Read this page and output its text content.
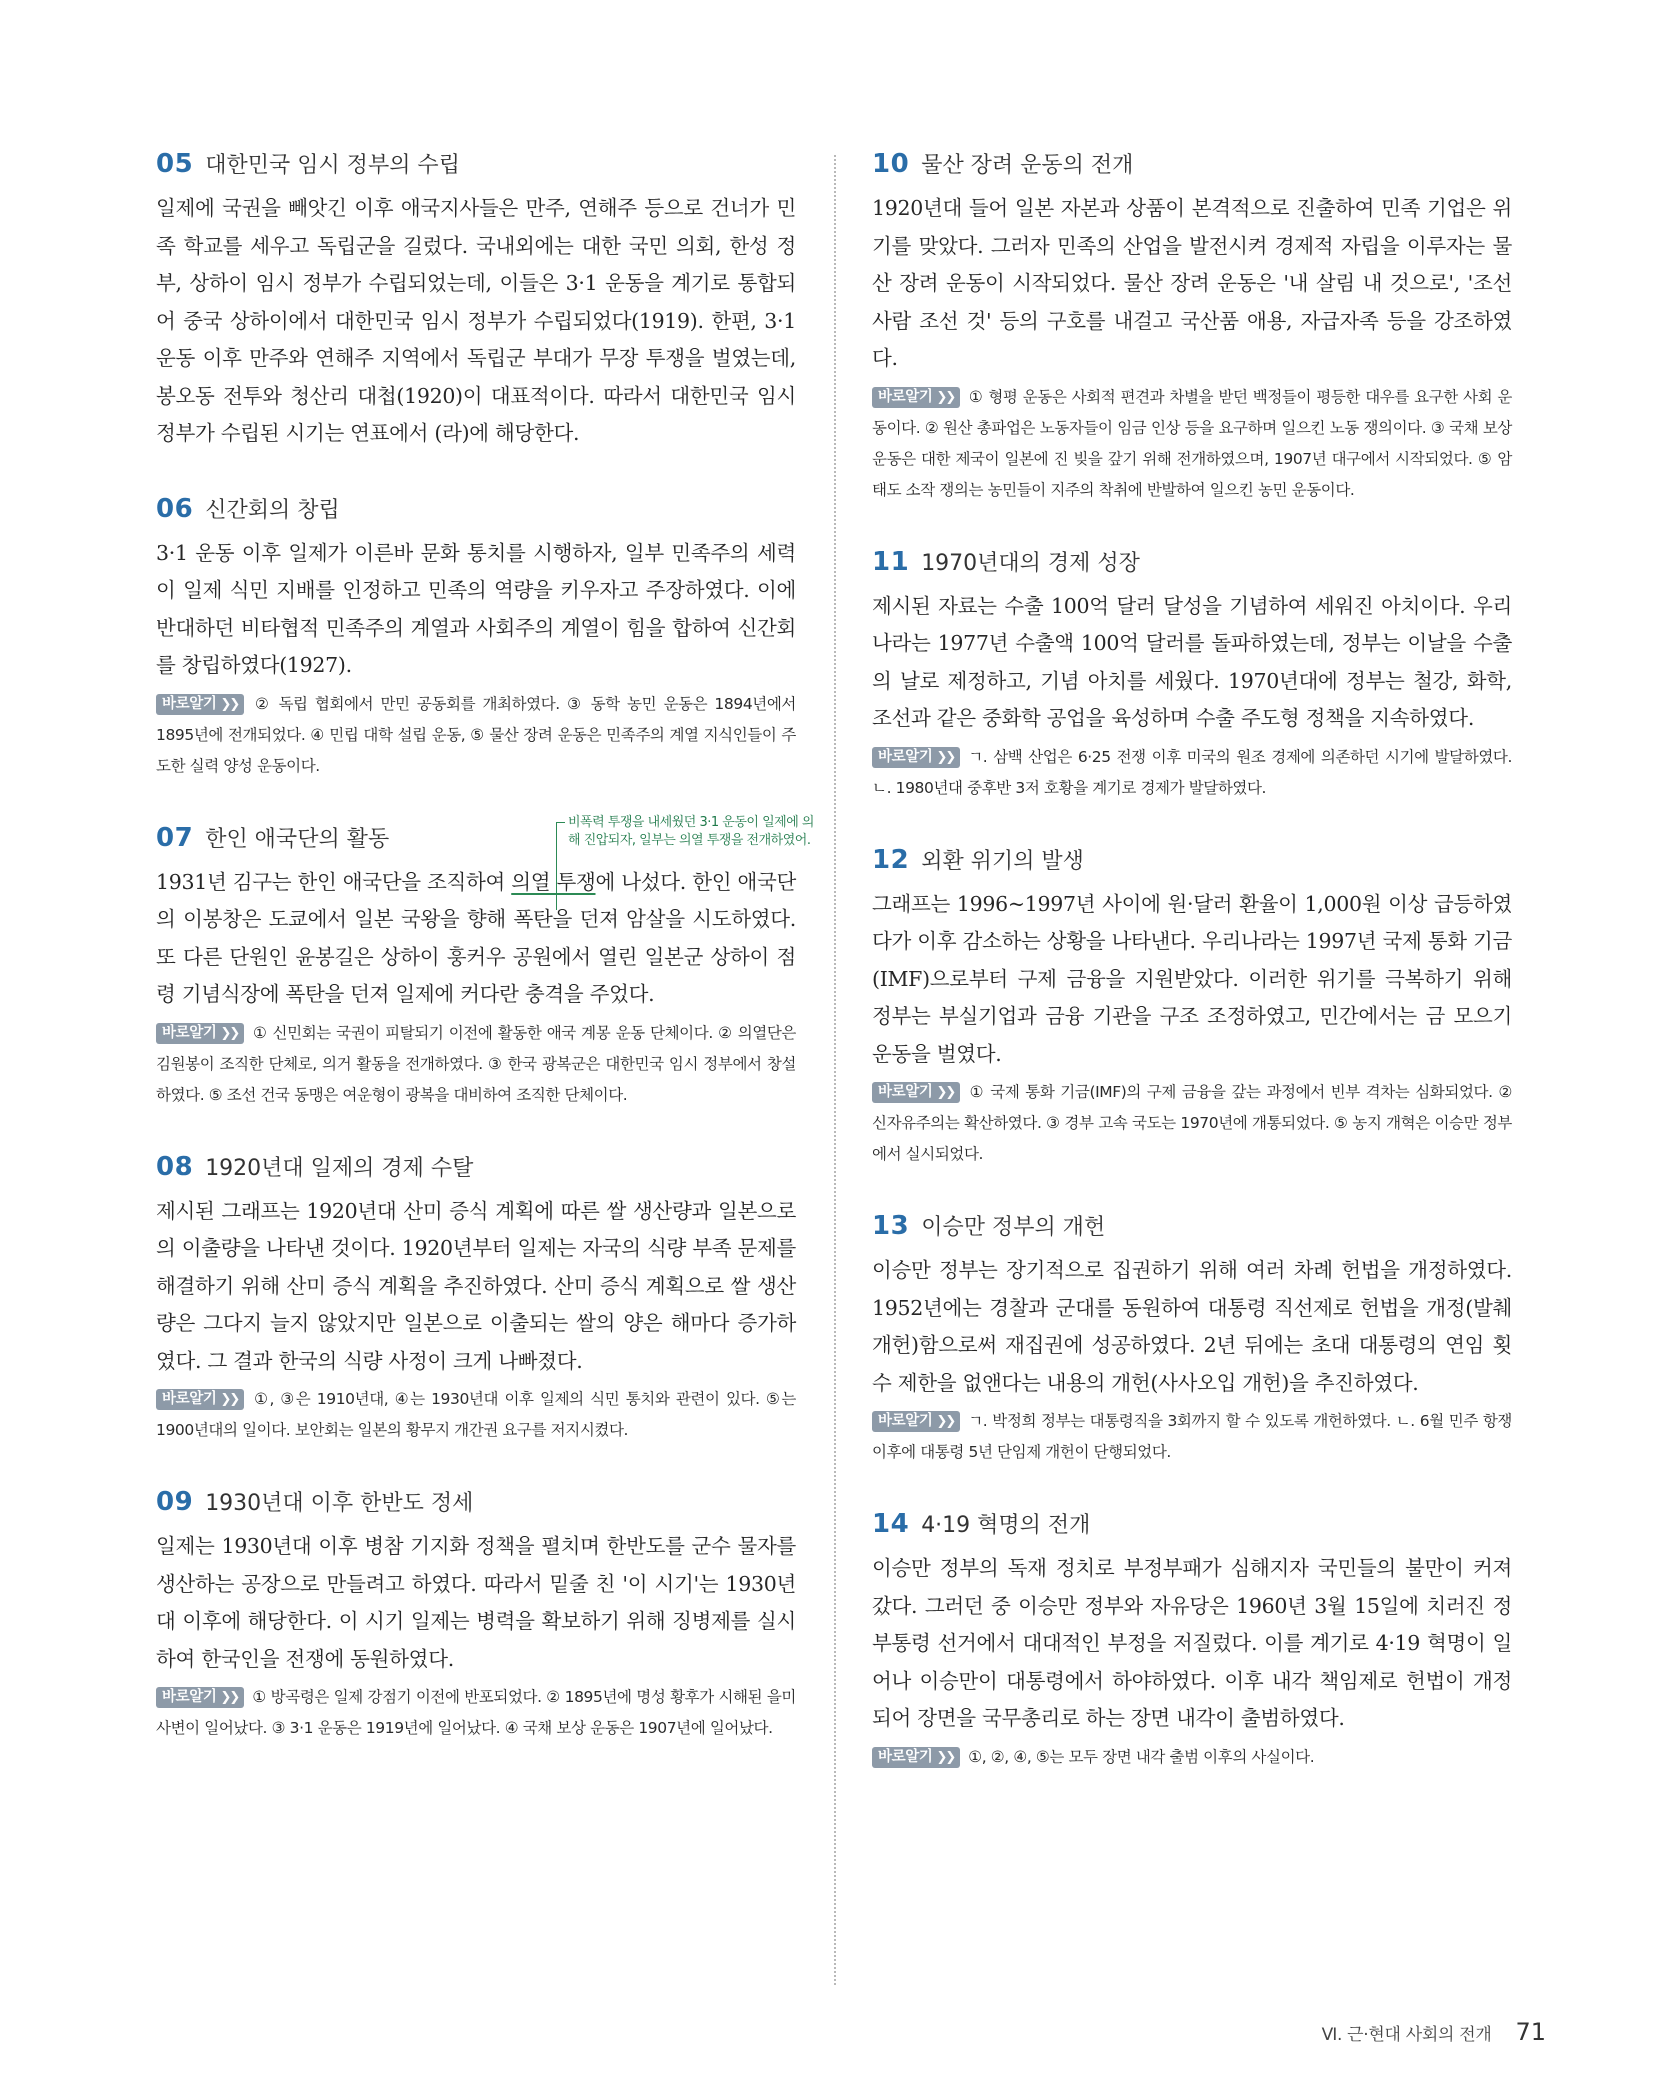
05 대한민국 임시 정부의 수립

일제에 국권을 빼앗긴 이후 애국지사들은 만주, 연해주 등으로 건너가 민족 학교를 세우고 독립군을 길렀다. 국내외에는 대한 국민 의회, 한성 정부, 상하이 임시 정부가 수립되었는데, 이들은 3·1 운동을 계기로 통합되어 중국 상하이에서 대한민국 임시 정부가 수립되었다(1919). 한편, 3·1 운동 이후 만주와 연해주 지역에서 독립군 부대가 무장 투쟁을 벌였는데, 봉오동 전투와 청산리 대첩(1920)이 대표적이다. 따라서 대한민국 임시 정부가 수립된 시기는 연표에서 (라)에 해당한다.

06 신간회의 창립

3·1 운동 이후 일제가 이른바 문화 통치를 시행하자, 일부 민족주의 세력이 일제 식민 지배를 인정하고 민족의 역량을 키우자고 주장하였다. 이에 반대하던 비타협적 민족주의 계열과 사회주의 계열이 힘을 합하여 신간회를 창립하였다(1927).

바로알기 ❯❯ ② 독립 협회에서 만민 공동회를 개최하였다. ③ 동학 농민 운동은 1894년에서 1895년에 전개되었다. ④ 민립 대학 설립 운동, ⑤ 물산 장려 운동은 민족주의 계열 지식인들이 주도한 실력 양성 운동이다.

비폭력 투쟁을 내세웠던 3·1 운동이 일제에 의해 진압되자, 일부는 의열 투쟁을 전개하였어.
07 한인 애국단의 활동

1931년 김구는 한인 애국단을 조직하여 의열 투쟁에 나섰다. 한인 애국단의 이봉창은 도쿄에서 일본 국왕을 향해 폭탄을 던져 암살을 시도하였다. 또 다른 단원인 윤봉길은 상하이 훙커우 공원에서 열린 일본군 상하이 점령 기념식장에 폭탄을 던져 일제에 커다란 충격을 주었다.

바로알기 ❯❯ ① 신민회는 국권이 피탈되기 이전에 활동한 애국 계몽 운동 단체이다. ② 의열단은 김원봉이 조직한 단체로, 의거 활동을 전개하였다. ③ 한국 광복군은 대한민국 임시 정부에서 창설하였다. ⑤ 조선 건국 동맹은 여운형이 광복을 대비하여 조직한 단체이다.

08 1920년대 일제의 경제 수탈

제시된 그래프는 1920년대 산미 증식 계획에 따른 쌀 생산량과 일본으로의 이출량을 나타낸 것이다. 1920년부터 일제는 자국의 식량 부족 문제를 해결하기 위해 산미 증식 계획을 추진하였다. 산미 증식 계획으로 쌀 생산량은 그다지 늘지 않았지만 일본으로 이출되는 쌀의 양은 해마다 증가하였다. 그 결과 한국의 식량 사정이 크게 나빠졌다.

바로알기 ❯❯ ①, ③은 1910년대, ④는 1930년대 이후 일제의 식민 통치와 관련이 있다. ⑤는 1900년대의 일이다. 보안회는 일본의 황무지 개간권 요구를 저지시켰다.

09 1930년대 이후 한반도 정세

일제는 1930년대 이후 병참 기지화 정책을 펼치며 한반도를 군수 물자를 생산하는 공장으로 만들려고 하였다. 따라서 밑줄 친 '이 시기'는 1930년대 이후에 해당한다. 이 시기 일제는 병력을 확보하기 위해 징병제를 실시하여 한국인을 전쟁에 동원하였다.

바로알기 ❯❯ ① 방곡령은 일제 강점기 이전에 반포되었다. ② 1895년에 명성 황후가 시해된 을미사변이 일어났다. ③ 3·1 운동은 1919년에 일어났다. ④ 국채 보상 운동은 1907년에 일어났다.

10 물산 장려 운동의 전개

1920년대 들어 일본 자본과 상품이 본격적으로 진출하여 민족 기업은 위기를 맞았다. 그러자 민족의 산업을 발전시켜 경제적 자립을 이루자는 물산 장려 운동이 시작되었다. 물산 장려 운동은 '내 살림 내 것으로', '조선 사람 조선 것' 등의 구호를 내걸고 국산품 애용, 자급자족 등을 강조하였다.

바로알기 ❯❯ ① 형평 운동은 사회적 편견과 차별을 받던 백정들이 평등한 대우를 요구한 사회 운동이다. ② 원산 총파업은 노동자들이 임금 인상 등을 요구하며 일으킨 노동 쟁의이다. ③ 국채 보상 운동은 대한 제국이 일본에 진 빚을 갚기 위해 전개하였으며, 1907년 대구에서 시작되었다. ⑤ 암태도 소작 쟁의는 농민들이 지주의 착취에 반발하여 일으킨 농민 운동이다.

11 1970년대의 경제 성장

제시된 자료는 수출 100억 달러 달성을 기념하여 세워진 아치이다. 우리나라는 1977년 수출액 100억 달러를 돌파하였는데, 정부는 이날을 수출의 날로 제정하고, 기념 아치를 세웠다. 1970년대에 정부는 철강, 화학, 조선과 같은 중화학 공업을 육성하며 수출 주도형 정책을 지속하였다.

바로알기 ❯❯ ㄱ. 삼백 산업은 6·25 전쟁 이후 미국의 원조 경제에 의존하던 시기에 발달하였다. ㄴ. 1980년대 중후반 3저 호황을 계기로 경제가 발달하였다.

12 외환 위기의 발생

그래프는 1996~1997년 사이에 원·달러 환율이 1,000원 이상 급등하였다가 이후 감소하는 상황을 나타낸다. 우리나라는 1997년 국제 통화 기금(IMF)으로부터 구제 금융을 지원받았다. 이러한 위기를 극복하기 위해 정부는 부실기업과 금융 기관을 구조 조정하였고, 민간에서는 금 모으기 운동을 벌였다.

바로알기 ❯❯ ① 국제 통화 기금(IMF)의 구제 금융을 갚는 과정에서 빈부 격차는 심화되었다. ② 신자유주의는 확산하였다. ③ 경부 고속 국도는 1970년에 개통되었다. ⑤ 농지 개혁은 이승만 정부에서 실시되었다.

13 이승만 정부의 개헌

이승만 정부는 장기적으로 집권하기 위해 여러 차례 헌법을 개정하였다. 1952년에는 경찰과 군대를 동원하여 대통령 직선제로 헌법을 개정(발췌 개헌)함으로써 재집권에 성공하였다. 2년 뒤에는 초대 대통령의 연임 횟수 제한을 없앤다는 내용의 개헌(사사오입 개헌)을 추진하였다.

바로알기 ❯❯ ㄱ. 박정희 정부는 대통령직을 3회까지 할 수 있도록 개헌하였다. ㄴ. 6월 민주 항쟁 이후에 대통령 5년 단임제 개헌이 단행되었다.

14 4·19 혁명의 전개

이승만 정부의 독재 정치로 부정부패가 심해지자 국민들의 불만이 커져 갔다. 그러던 중 이승만 정부와 자유당은 1960년 3월 15일에 치러진 정부통령 선거에서 대대적인 부정을 저질렀다. 이를 계기로 4·19 혁명이 일어나 이승만이 대통령에서 하야하였다. 이후 내각 책임제로 헌법이 개정되어 장면을 국무총리로 하는 장면 내각이 출범하였다.

바로알기 ❯❯ ①, ②, ④, ⑤는 모두 장면 내각 출범 이후의 사실이다.

Ⅵ. 근·현대 사회의 전개 71
